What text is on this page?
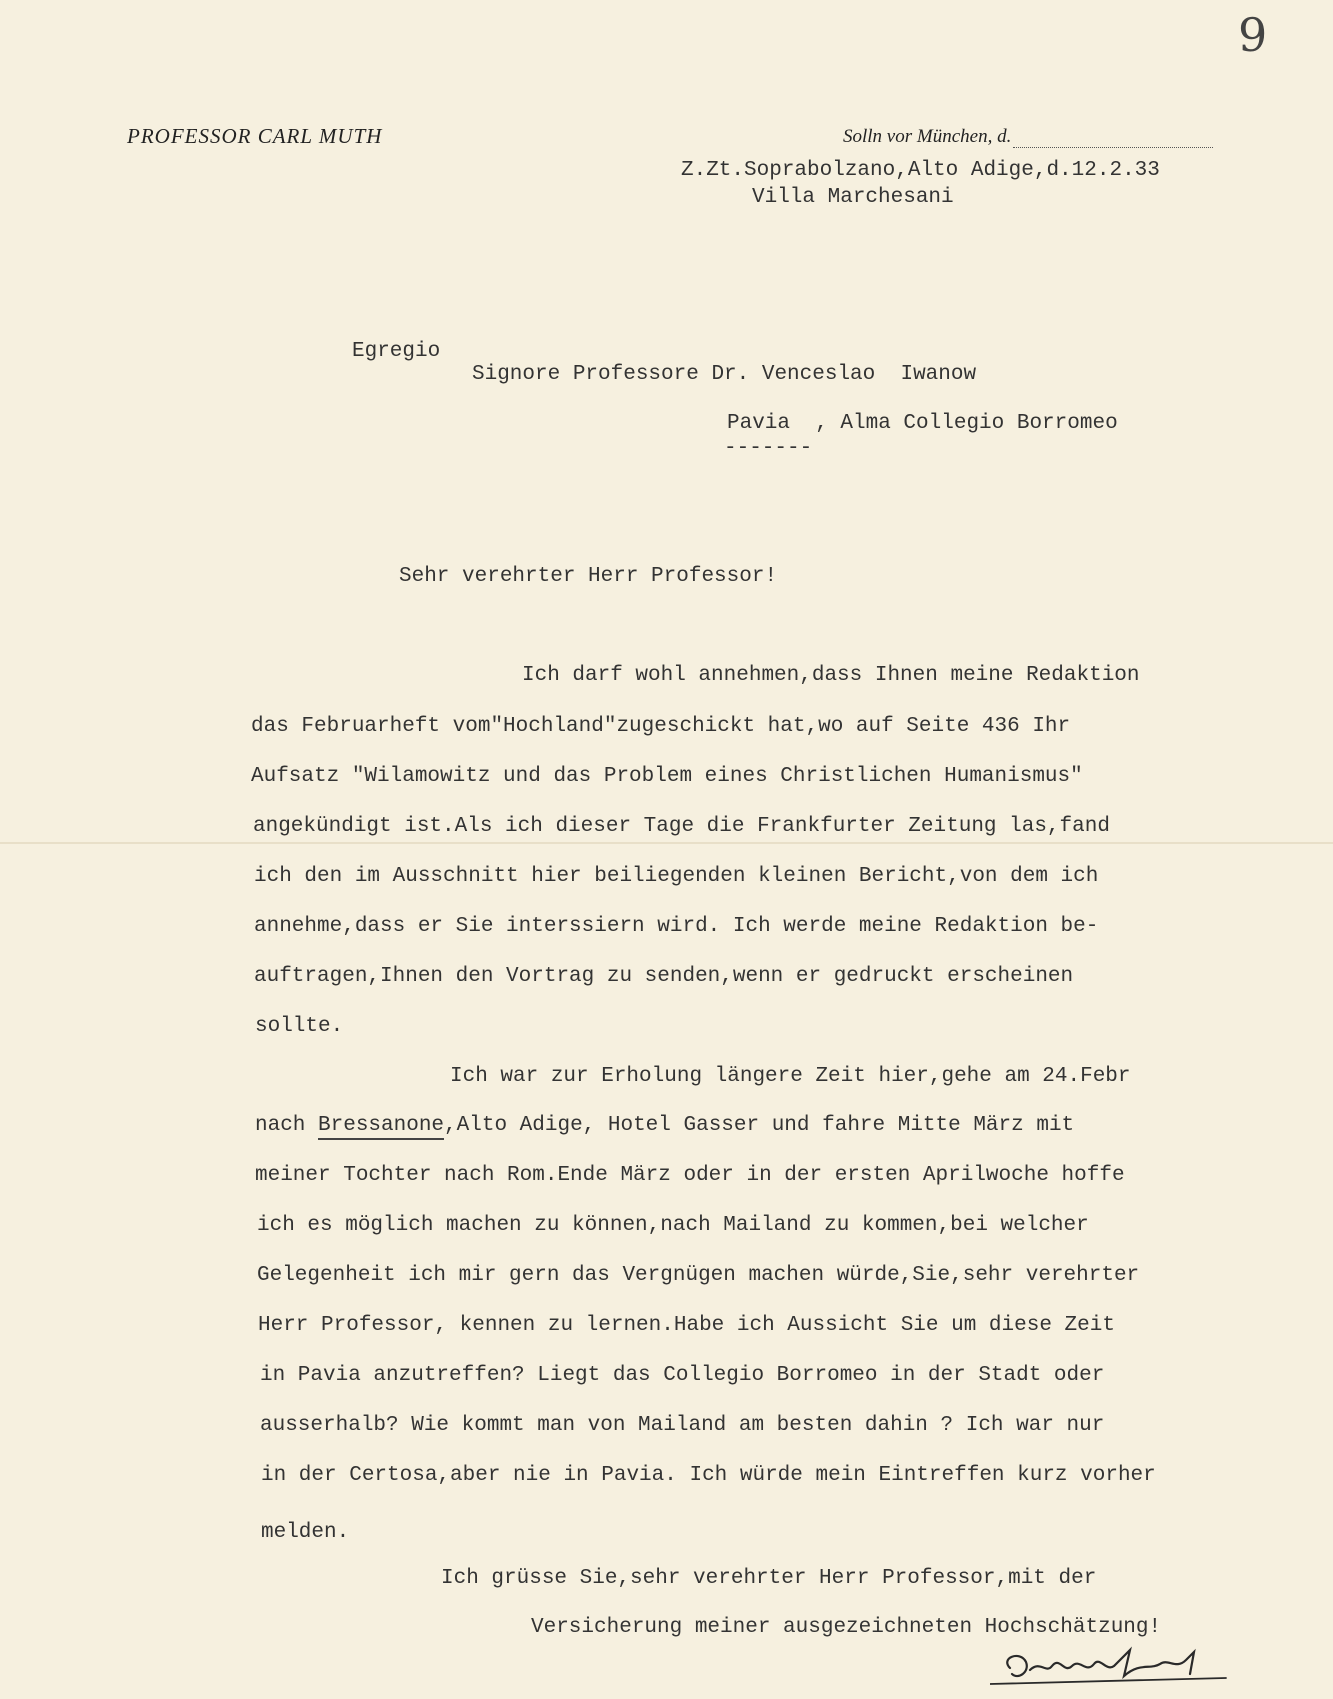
9
PROFESSOR CARL MUTH	Solln vor München, d.
Z.Zt.Soprabolzano,Alto Adige,d.12.2.33
Villa Marchesani
Egregio
Signore Professore Dr. Venceslao  Iwanow
Pavia  , Alma Collegio Borromeo
-------
Sehr verehrter Herr Professor!
Ich darf wohl annehmen,dass Ihnen meine Redaktion
das Februarheft vom"Hochland"zugeschickt hat,wo auf Seite 436 Ihr
Aufsatz "Wilamowitz und das Problem eines Christlichen Humanismus"
angekündigt ist.Als ich dieser Tage die Frankfurter Zeitung las,fand
ich den im Ausschnitt hier beiliegenden kleinen Bericht,von dem ich
annehme,dass er Sie interssiern wird. Ich werde meine Redaktion be-
auftragen,Ihnen den Vortrag zu senden,wenn er gedruckt erscheinen
sollte.
Ich war zur Erholung längere Zeit hier,gehe am 24.Febr
nach Bressanone,Alto Adige, Hotel Gasser und fahre Mitte März mit
meiner Tochter nach Rom.Ende März oder in der ersten Aprilwoche hoffe
ich es möglich machen zu können,nach Mailand zu kommen,bei welcher
Gelegenheit ich mir gern das Vergnügen machen würde,Sie,sehr verehrter
Herr Professor, kennen zu lernen.Habe ich Aussicht Sie um diese Zeit
in Pavia anzutreffen? Liegt das Collegio Borromeo in der Stadt oder
ausserhalb? Wie kommt man von Mailand am besten dahin ? Ich war nur
in der Certosa,aber nie in Pavia. Ich würde mein Eintreffen kurz vorher
melden.
Ich grüsse Sie,sehr verehrter Herr Professor,mit der
Versicherung meiner ausgezeichneten Hochschätzung!
